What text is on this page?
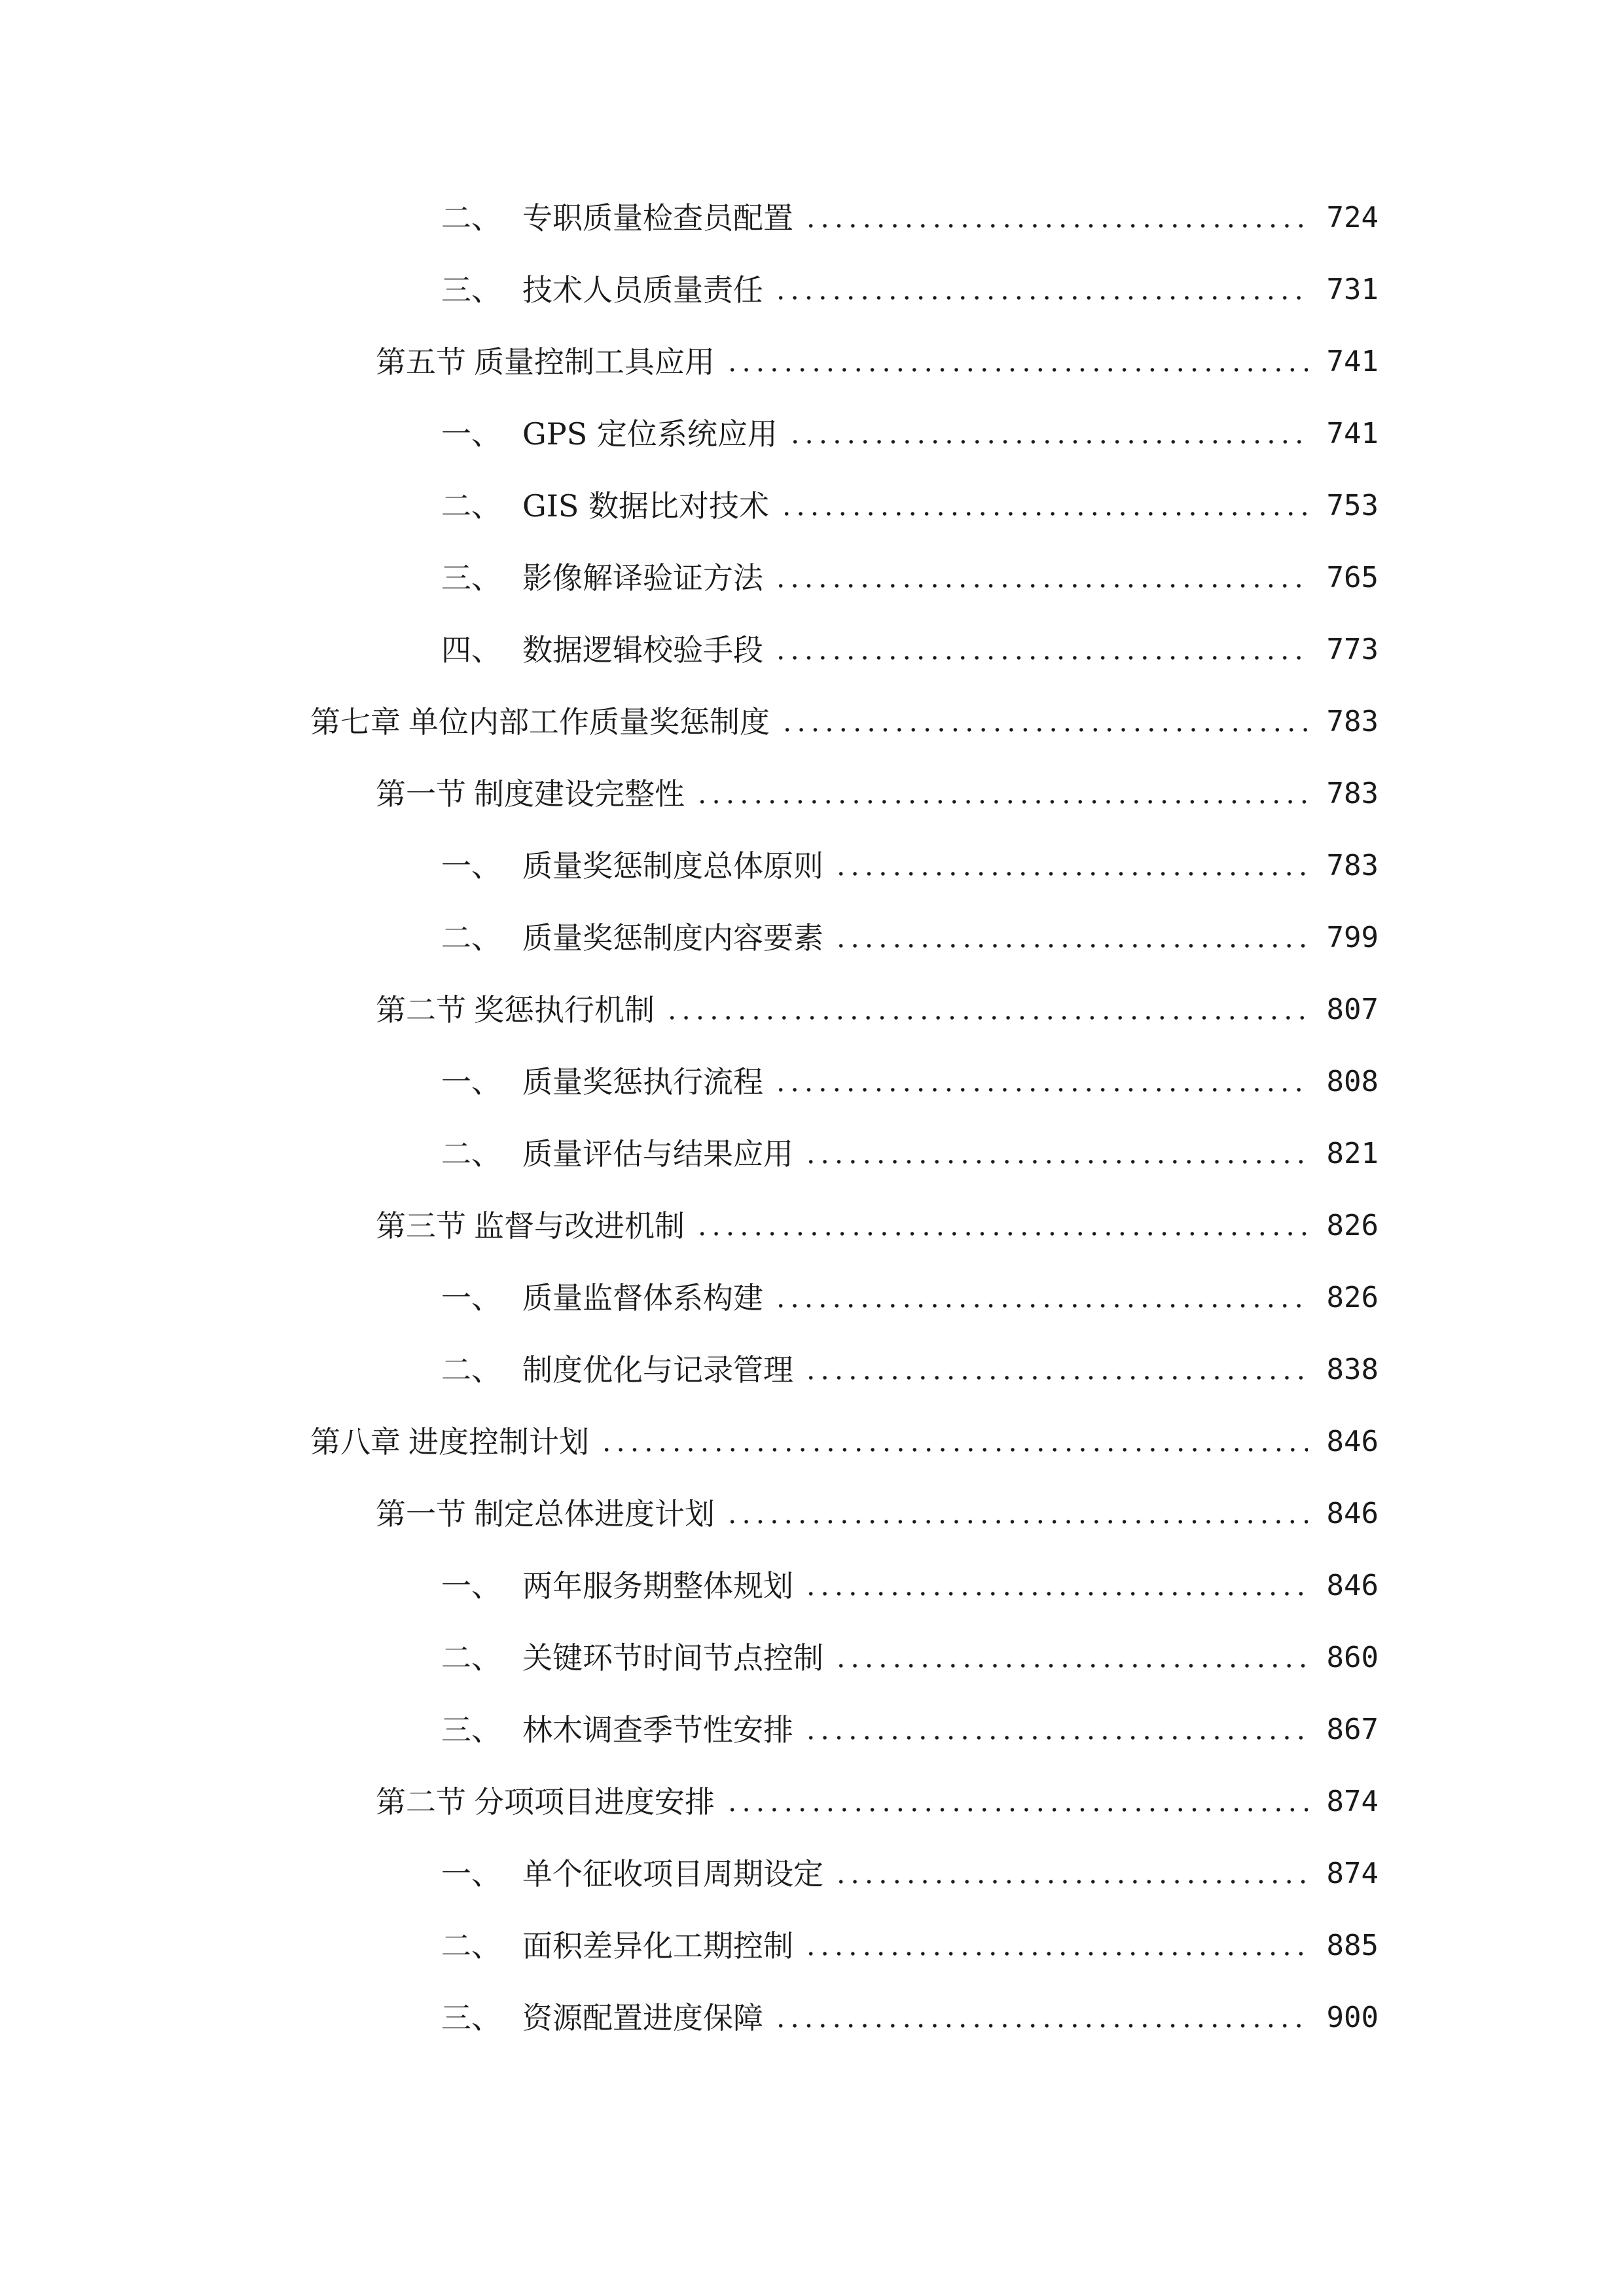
二、 专职质量检查员配置	724
三、 技术人员质量责任	731
第五节 质量控制工具应用	741
一、 GPS 定位系统应用	741
二、 GIS 数据比对技术	753
三、 影像解译验证方法	765
四、 数据逻辑校验手段	773
第七章 单位内部工作质量奖惩制度	783
第一节 制度建设完整性	783
一、 质量奖惩制度总体原则	783
二、 质量奖惩制度内容要素	799
第二节 奖惩执行机制	807
一、 质量奖惩执行流程	808
二、 质量评估与结果应用	821
第三节 监督与改进机制	826
一、 质量监督体系构建	826
二、 制度优化与记录管理	838
第八章 进度控制计划	846
第一节 制定总体进度计划	846
一、 两年服务期整体规划	846
二、 关键环节时间节点控制	860
三、 林木调查季节性安排	867
第二节 分项项目进度安排	874
一、 单个征收项目周期设定	874
二、 面积差异化工期控制	885
三、 资源配置进度保障	900
